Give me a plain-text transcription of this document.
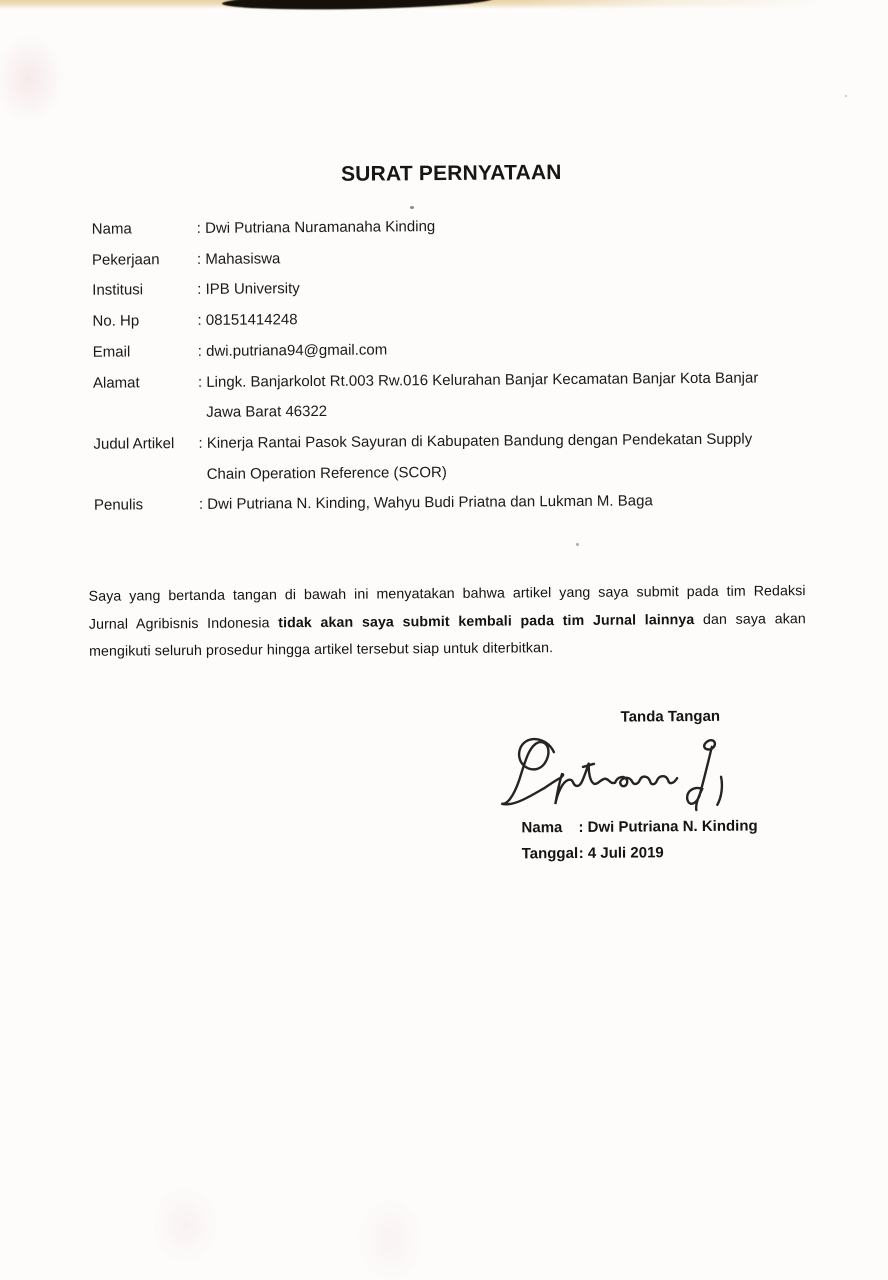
SURAT PERNYATAAN
Nama	: Dwi Putriana Nuramanaha Kinding
Pekerjaan	: Mahasiswa
Institusi	: IPB University
No. Hp	: 08151414248
Email	: dwi.putriana94@gmail.com
Alamat	: Lingk. Banjarkolot Rt.003 Rw.016 Kelurahan Banjar Kecamatan Banjar Kota Banjar
Jawa Barat 46322
Judul Artikel	: Kinerja Rantai Pasok Sayuran di Kabupaten Bandung dengan Pendekatan Supply
Chain Operation Reference (SCOR)
Penulis	: Dwi Putriana N. Kinding, Wahyu Budi Priatna dan Lukman M. Baga
Saya yang bertanda tangan di bawah ini menyatakan bahwa artikel yang saya submit pada tim Redaksi
Jurnal Agribisnis Indonesia tidak akan saya submit kembali pada tim Jurnal lainnya dan saya akan
mengikuti seluruh prosedur hingga artikel tersebut siap untuk diterbitkan.
Tanda Tangan
Nama	: Dwi Putriana N. Kinding
Tanggal : 4 Juli 2019
